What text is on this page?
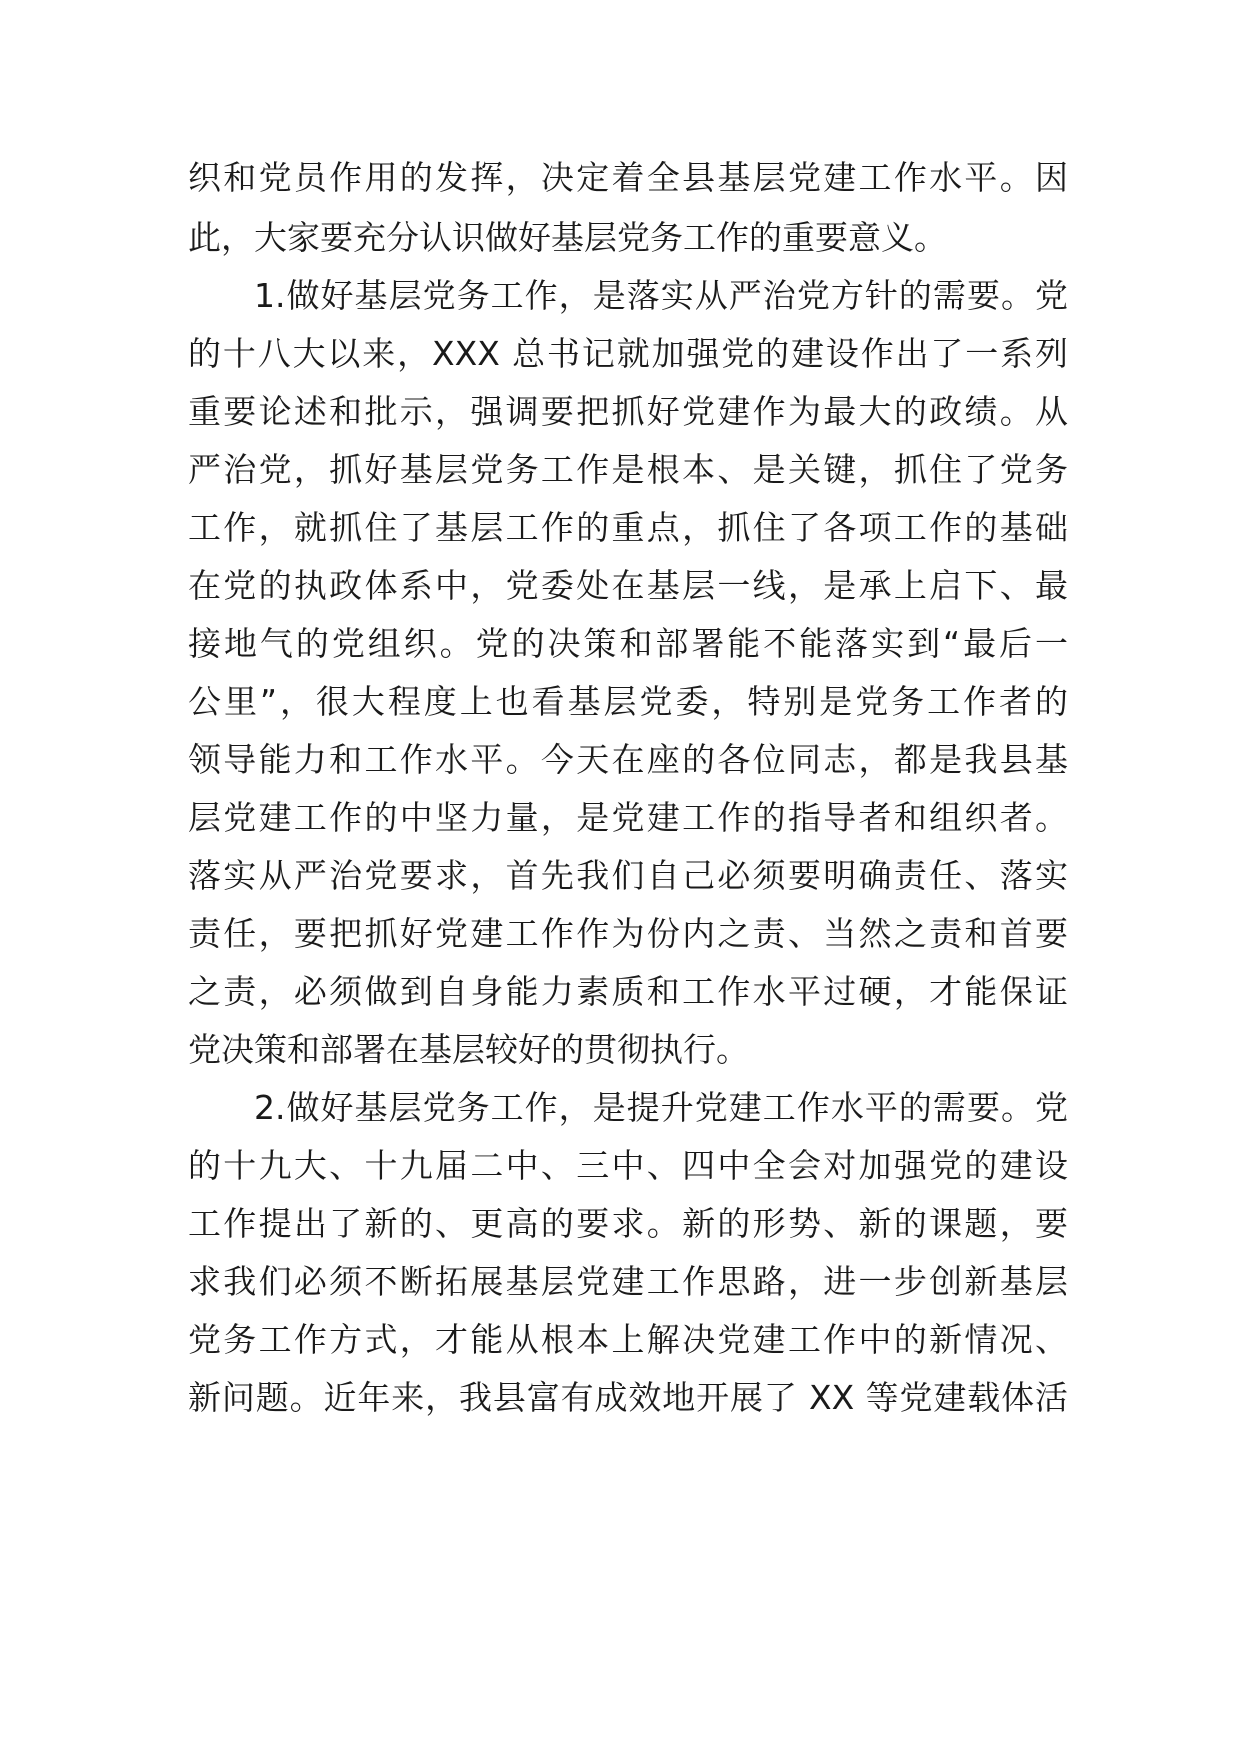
织和党员作用的发挥，决定着全县基层党建工作水平。因

此，大家要充分认识做好基层党务工作的重要意义。

1.做好基层党务工作，是落实从严治党方针的需要。党

的十八大以来，XXX 总书记就加强党的建设作出了一系列

重要论述和批示，强调要把抓好党建作为最大的政绩。从

严治党，抓好基层党务工作是根本、是关键，抓住了党务

工作，就抓住了基层工作的重点，抓住了各项工作的基础

在党的执政体系中，党委处在基层一线，是承上启下、最

接地气的党组织。党的决策和部署能不能落实到“最后一

公里”，很大程度上也看基层党委，特别是党务工作者的

领导能力和工作水平。今天在座的各位同志，都是我县基

层党建工作的中坚力量，是党建工作的指导者和组织者。

落实从严治党要求，首先我们自己必须要明确责任、落实

责任，要把抓好党建工作作为份内之责、当然之责和首要

之责，必须做到自身能力素质和工作水平过硬，才能保证

党决策和部署在基层较好的贯彻执行。

2.做好基层党务工作，是提升党建工作水平的需要。党

的十九大、十九届二中、三中、四中全会对加强党的建设

工作提出了新的、更高的要求。新的形势、新的课题，要

求我们必须不断拓展基层党建工作思路，进一步创新基层

党务工作方式，才能从根本上解决党建工作中的新情况、

新问题。近年来，我县富有成效地开展了 XX 等党建载体活
